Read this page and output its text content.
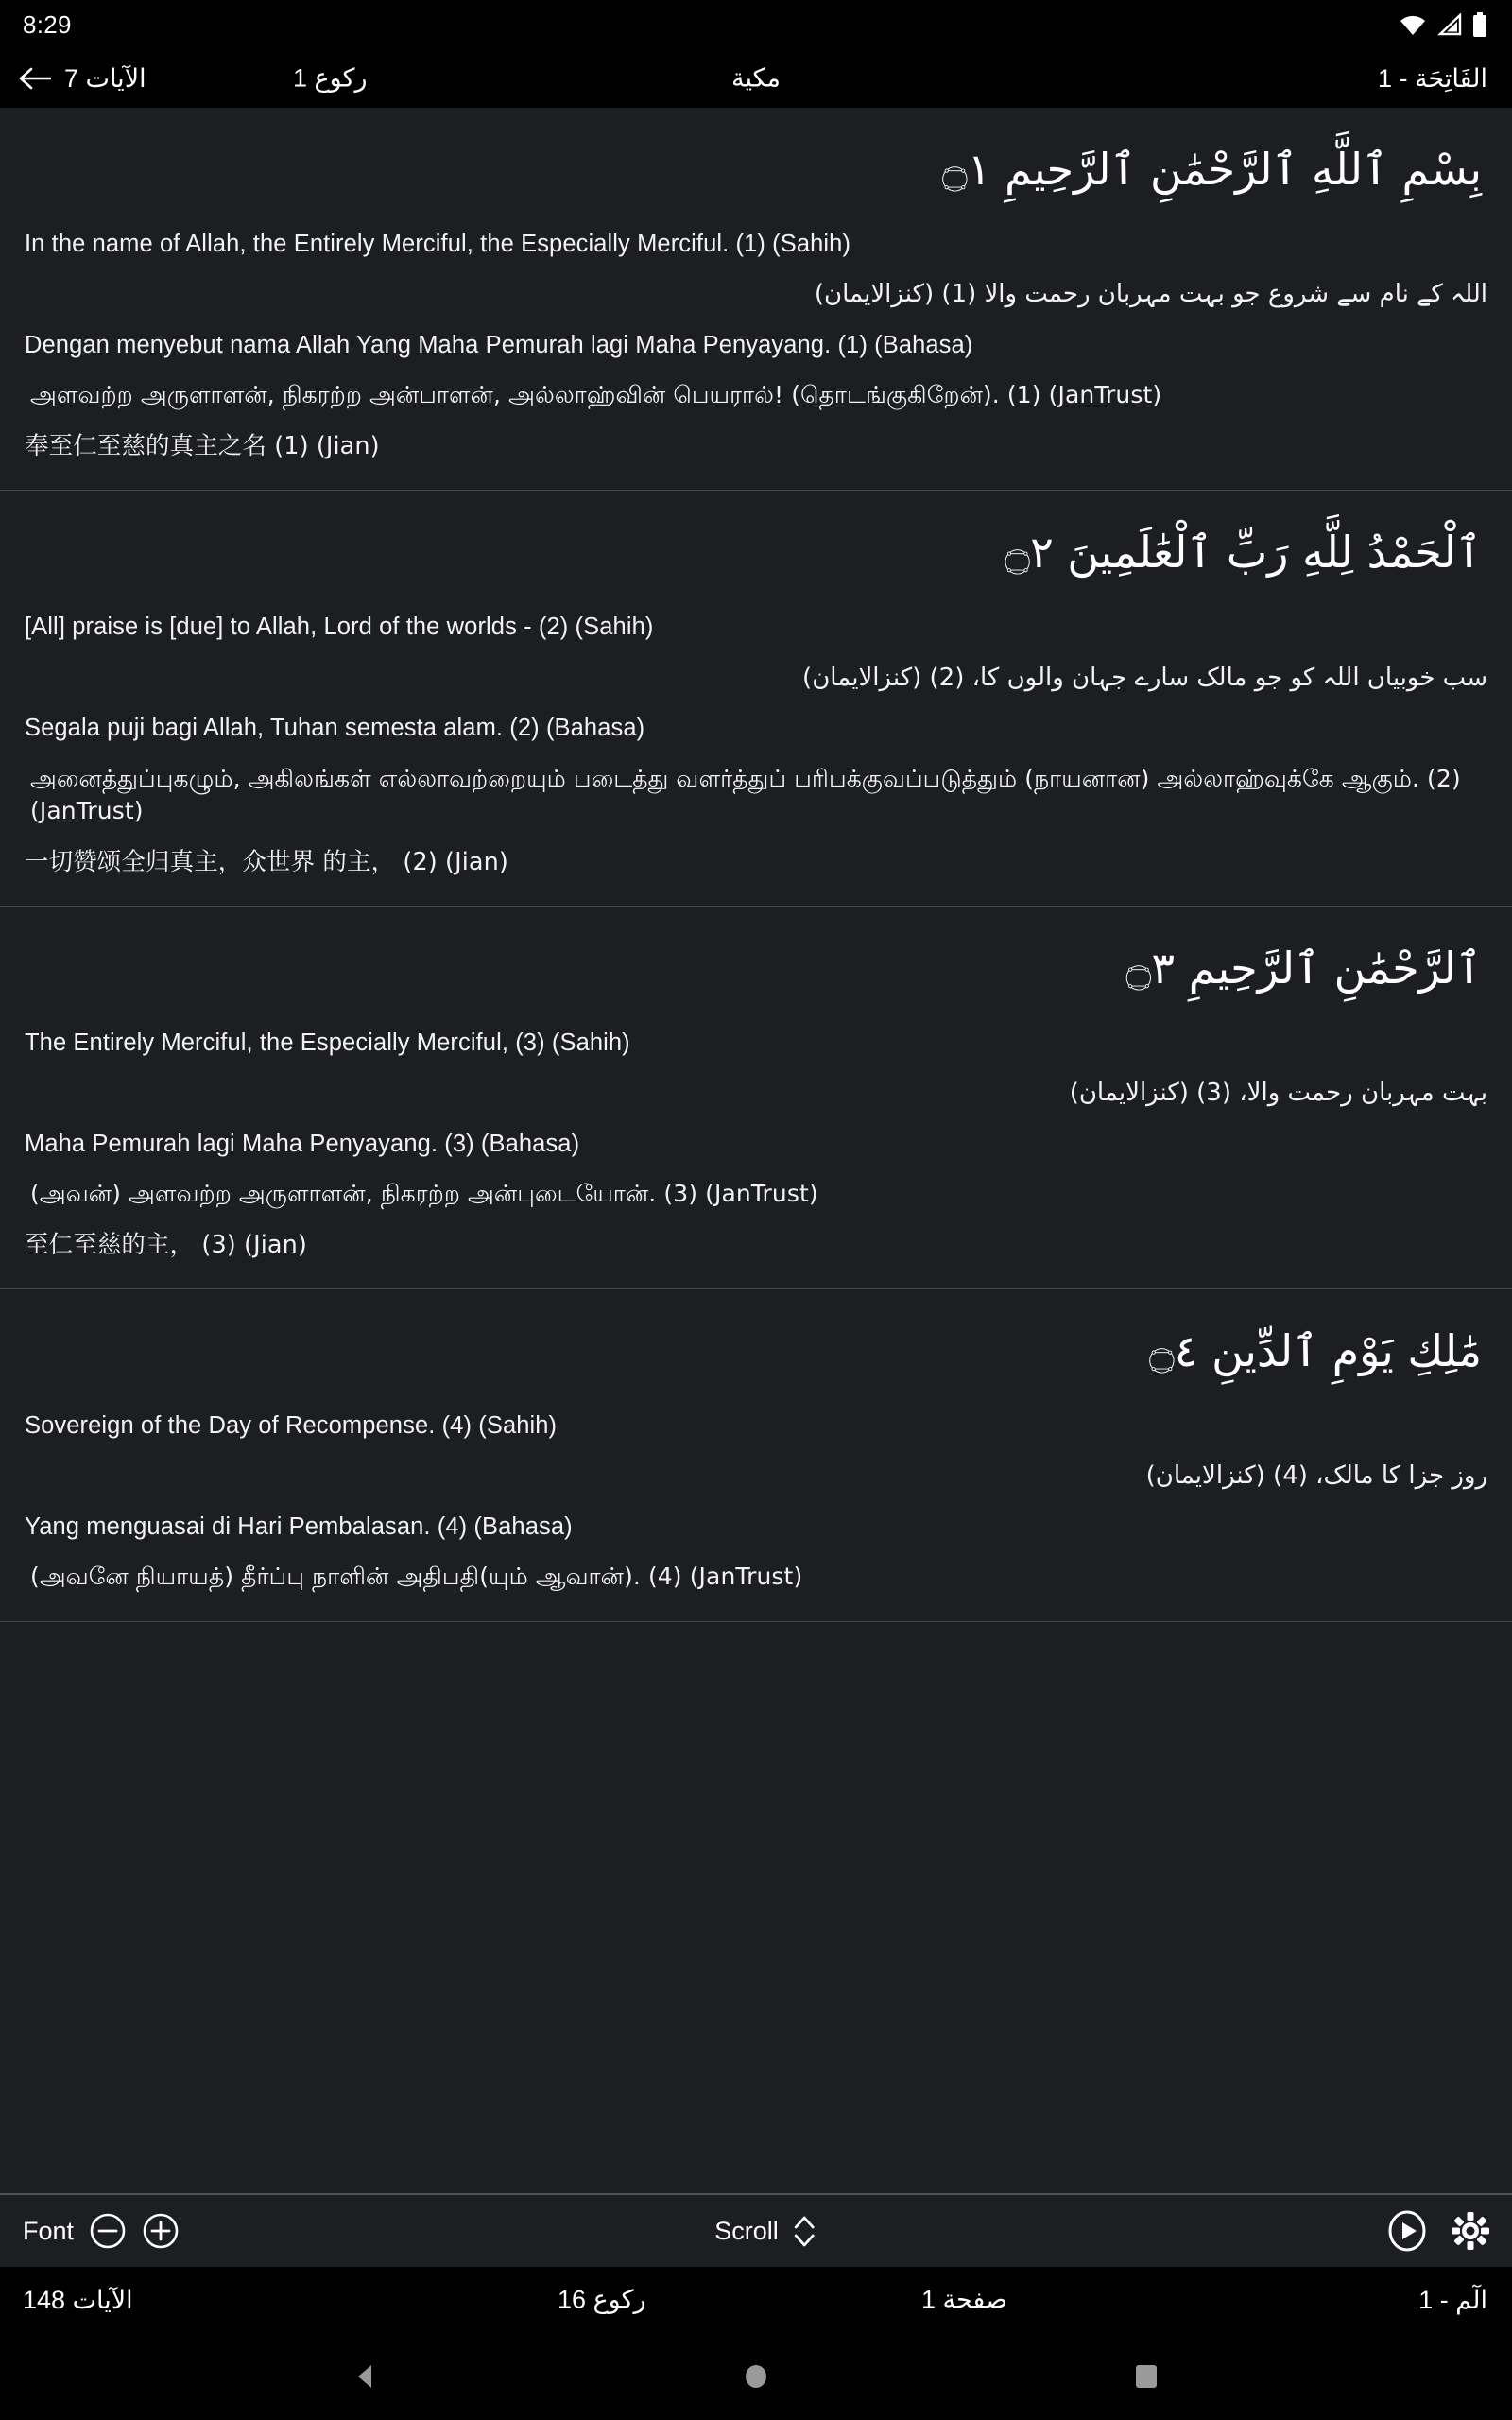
8:29
الآيات 7	ركوع 1	مكية	1 - الفَاتِحَة
بِسْمِ ٱللَّهِ ٱلرَّحْمَٰنِ ٱلرَّحِيمِ ۝١
In the name of Allah, the Entirely Merciful, the Especially Merciful. (1) (Sahih)
اللہ کے نام سے شروع جو بہت مہربان رحمت والا (1) (کنزالایمان)
Dengan menyebut nama Allah Yang Maha Pemurah lagi Maha Penyayang. (1) (Bahasa)
அளவற்ற அருளாளன், நிகரற்ற அன்பாளன், அல்லாஹ்வின் பெயரால்! (தொடங்குகிறேன்). (1) (JanTrust)
奉至仁至慈的真主之名 (1) (Jian)
ٱلْحَمْدُ لِلَّهِ رَبِّ ٱلْعَٰلَمِينَ ۝٢
[All] praise is [due] to Allah, Lord of the worlds - (2) (Sahih)
سب خوبیاں اللہ کو جو مالک سارے جہان والوں کا، (2) (کنزالایمان)
Segala puji bagi Allah, Tuhan semesta alam. (2) (Bahasa)
அனைத்துப்புகழும், அகிலங்கள் எல்லாவற்றையும் படைத்து வளர்த்துப் பரிபக்குவப்படுத்தும் (நாயனான) அல்லாஹ்வுக்கே ஆகும். (2) (JanTrust)
一切赞颂全归真主，众世界 的主， (2) (Jian)
ٱلرَّحْمَٰنِ ٱلرَّحِيمِ ۝٣
The Entirely Merciful, the Especially Merciful, (3) (Sahih)
بہت مہربان رحمت والا، (3) (کنزالایمان)
Maha Pemurah lagi Maha Penyayang. (3) (Bahasa)
(அவன்) அளவற்ற அருளாளன், நிகரற்ற அன்புடையோன். (3) (JanTrust)
至仁至慈的主， (3) (Jian)
مَٰلِكِ يَوْمِ ٱلدِّينِ ۝٤
Sovereign of the Day of Recompense. (4) (Sahih)
روز جزا کا مالک، (4) (کنزالایمان)
Yang menguasai di Hari Pembalasan. (4) (Bahasa)
(அவனே நியாயத்) தீர்ப்பு நாளின் அதிபதி(யும் ஆவான்). (4) (JanTrust)
Font	Scroll
الآيات 148	ركوع 16	صفحة 1	1 - الٓم
